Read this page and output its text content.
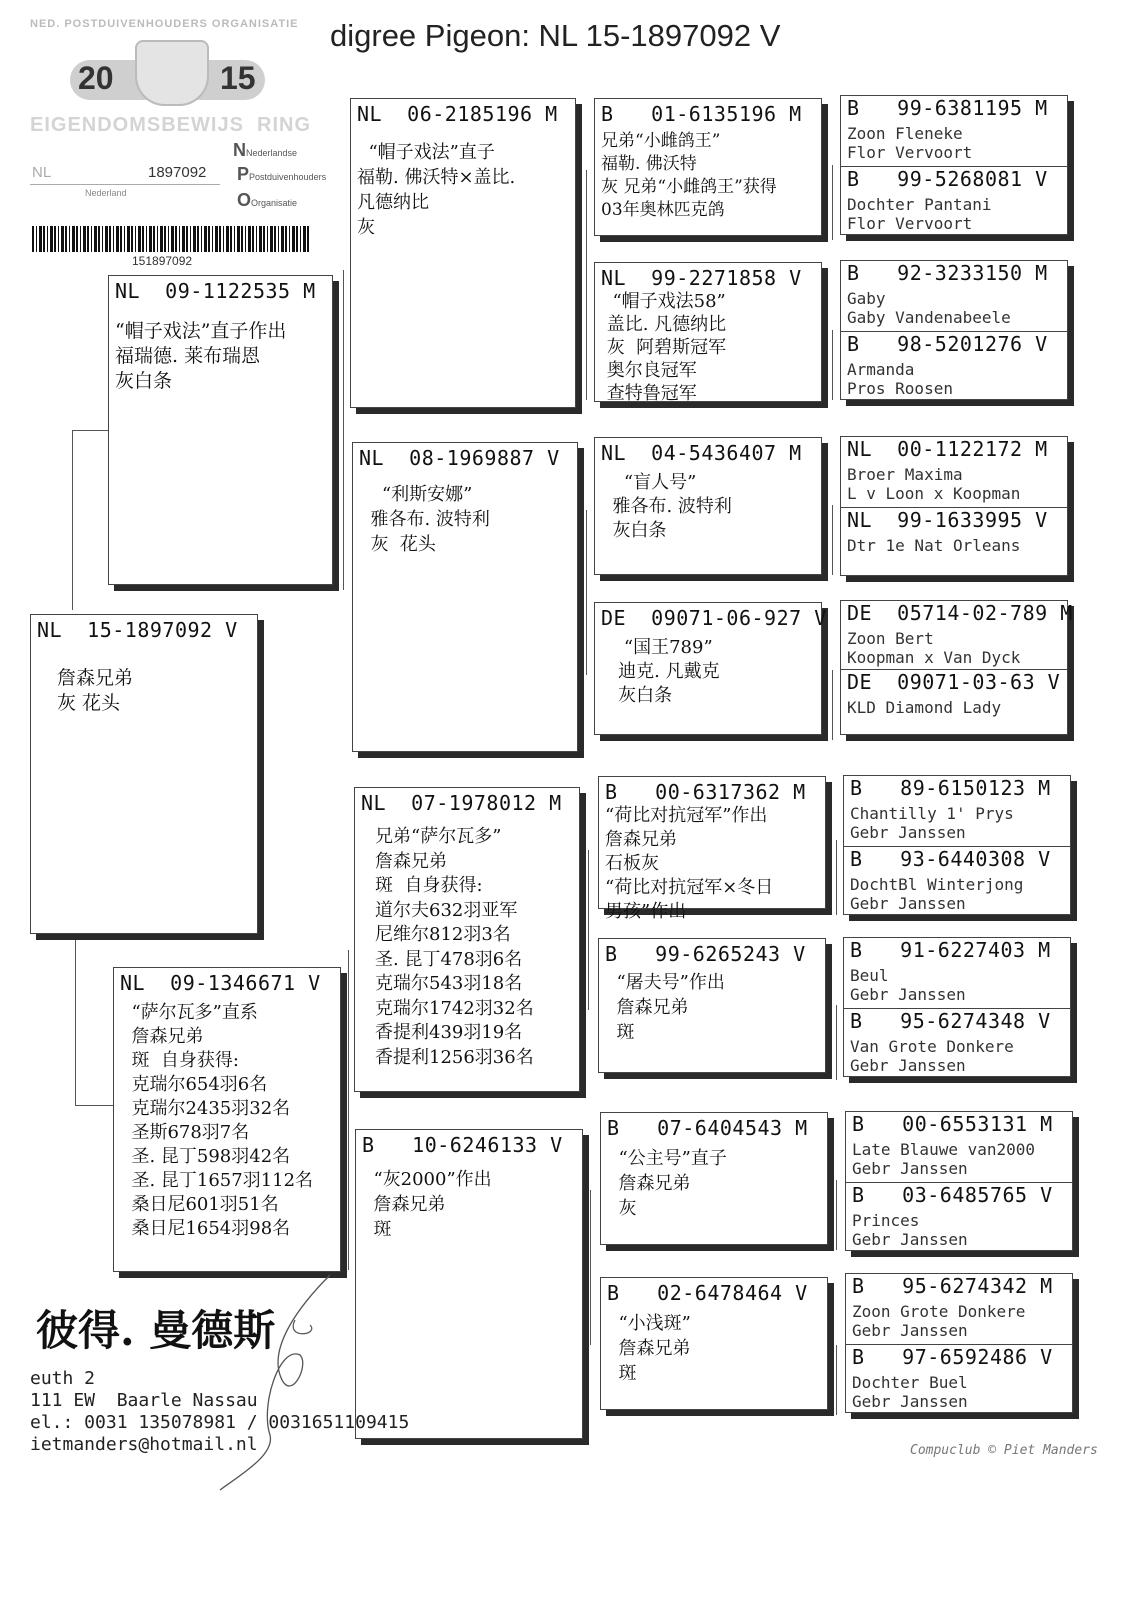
digree Pigeon: NL 15-1897092 V
NED. POSTDUIVENHOUDERS ORGANISATIE
20	15
EIGENDOMSBEWIJS  RING
NL	1897092
Nederland
NNederlandse
PPostduivenhouders
OOrganisatie
151897092
NL  15-1897092 V
詹森兄弟
灰 花头
NL  09-1122535 M
“帽子戏法”直子作出
福瑞德. 莱布瑞恩
灰白条
NL  09-1346671 V
“萨尔瓦多”直系
詹森兄弟
斑  自身获得:
克瑞尔654羽6名
克瑞尔2435羽32名
圣斯678羽7名
圣. 昆丁598羽42名
圣. 昆丁1657羽112名
桑日尼601羽51名
桑日尼1654羽98名
NL  06-2185196 M
“帽子戏法”直子
福勒. 佛沃特×盖比.
凡德纳比
灰
NL  08-1969887 V
“利斯安娜”
雅各布. 波特利
灰  花头
NL  07-1978012 M
兄弟“萨尔瓦多”
詹森兄弟
斑  自身获得:
道尔夫632羽亚军
尼维尔812羽3名
圣. 昆丁478羽6名
克瑞尔543羽18名
克瑞尔1742羽32名
香提利439羽19名
香提利1256羽36名
B   10-6246133 V
“灰2000”作出
詹森兄弟
斑
B   01-6135196 M
兄弟“小雌鸽王”
福勒. 佛沃特
灰 兄弟“小雌鸽王”获得
03年奥林匹克鸽
NL  99-2271858 V
“帽子戏法58”
盖比. 凡德纳比
灰  阿碧斯冠军
奥尔良冠军
查特鲁冠军
NL  04-5436407 M
“盲人号”
雅各布. 波特利
灰白条
DE  09071-06-927 V
“国王789”
迪克. 凡戴克
灰白条
B   00-6317362 M
“荷比对抗冠军”作出
詹森兄弟
石板灰
“荷比对抗冠军×冬日
男孩”作出
B   99-6265243 V
“屠夫号”作出
詹森兄弟
斑
B   07-6404543 M
“公主号”直子
詹森兄弟
灰
B   02-6478464 V
“小浅斑”
詹森兄弟
斑
B   99-6381195 M
Zoon Fleneke
Flor Vervoort
B   99-5268081 V
Dochter Pantani
Flor Vervoort
B   92-3233150 M
Gaby
Gaby Vandenabeele
B   98-5201276 V
Armanda
Pros Roosen
NL  00-1122172 M
Broer Maxima
L v Loon x Koopman
NL  99-1633995 V
Dtr 1e Nat Orleans
DE  05714-02-789 M
Zoon Bert
Koopman x Van Dyck
DE  09071-03-63 V
KLD Diamond Lady
B   89-6150123 M
Chantilly 1' Prys
Gebr Janssen
B   93-6440308 V
DochtBl Winterjong
Gebr Janssen
B   91-6227403 M
Beul
Gebr Janssen
B   95-6274348 V
Van Grote Donkere
Gebr Janssen
B   00-6553131 M
Late Blauwe van2000
Gebr Janssen
B   03-6485765 V
Princes
Gebr Janssen
B   95-6274342 M
Zoon Grote Donkere
Gebr Janssen
B   97-6592486 V
Dochter Buel
Gebr Janssen
彼得. 曼德斯
euth 2
111 EW  Baarle Nassau
el.: 0031 135078981 / 0031651109415
ietmanders@hotmail.nl	Compuclub © Piet Manders
